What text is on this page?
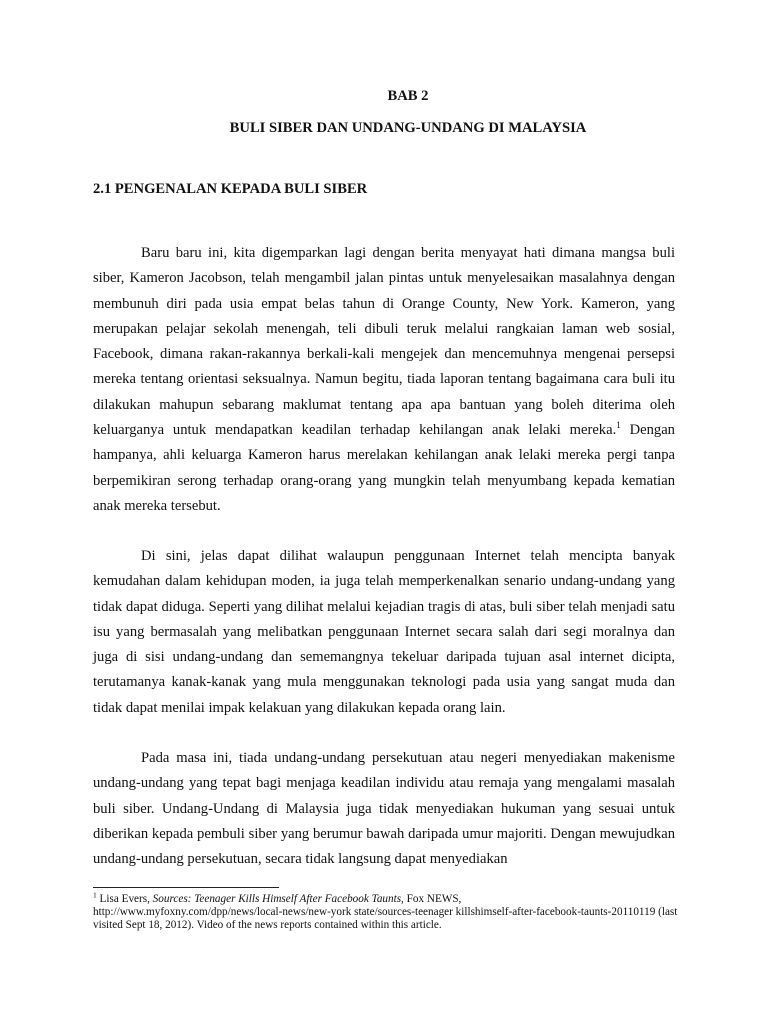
BAB 2
BULI SIBER DAN UNDANG-UNDANG DI MALAYSIA
2.1 PENGENALAN KEPADA BULI SIBER

Baru baru ini, kita digemparkan lagi dengan berita menyayat hati dimana mangsa buli siber, Kameron Jacobson, telah mengambil jalan pintas untuk menyelesaikan masalahnya dengan membunuh diri pada usia empat belas tahun di Orange County, New York. Kameron, yang merupakan pelajar sekolah menengah, teli dibuli teruk melalui rangkaian laman web sosial, Facebook, dimana rakan-rakannya berkali-kali mengejek dan mencemuhnya mengenai persepsi mereka tentang orientasi seksualnya. Namun begitu, tiada laporan tentang bagaimana cara buli itu dilakukan mahupun sebarang maklumat tentang apa apa bantuan yang boleh diterima oleh keluarganya untuk mendapatkan keadilan terhadap kehilangan anak lelaki mereka.$^1$ Dengan hampanya, ahli keluarga Kameron harus merelakan kehilangan anak lelaki mereka pergi tanpa berpemikiran serong terhadap orang-orang yang mungkin telah menyumbang kepada kematian anak mereka tersebut.

Di sini, jelas dapat dilihat walaupun penggunaan Internet telah mencipta banyak kemudahan dalam kehidupan moden, ia juga telah memperkenalkan senario undang-undang yang tidak dapat diduga. Seperti yang dilihat melalui kejadian tragis di atas, buli siber telah menjadi satu isu yang bermasalah yang melibatkan penggunaan Internet secara salah dari segi moralnya dan juga di sisi undang-undang dan sememangnya tekeluar daripada tujuan asal internet dicipta, terutamanya kanak-kanak yang mula menggunakan teknologi pada usia yang sangat muda dan tidak dapat menilai impak kelakuan yang dilakukan kepada orang lain.

Pada masa ini, tiada undang-undang persekutuan atau negeri menyediakan makenisme undang-undang yang tepat bagi menjaga keadilan individu atau remaja yang mengalami masalah buli siber. Undang-Undang di Malaysia juga tidak menyediakan hukuman yang sesuai untuk diberikan kepada pembuli siber yang berumur bawah daripada umur majoriti. Dengan mewujudkan undang-undang persekutuan, secara tidak langsung dapat menyediakan

$^1$ Lisa Evers, Sources: Teenager Kills Himself After Facebook Taunts, Fox NEWS,
http://www.myfoxny.com/dpp/news/local-news/new-york state/sources-teenager killshimself-after-facebook-taunts-20110119 (last visited Sept 18, 2012). Video of the news reports contained within this article.
